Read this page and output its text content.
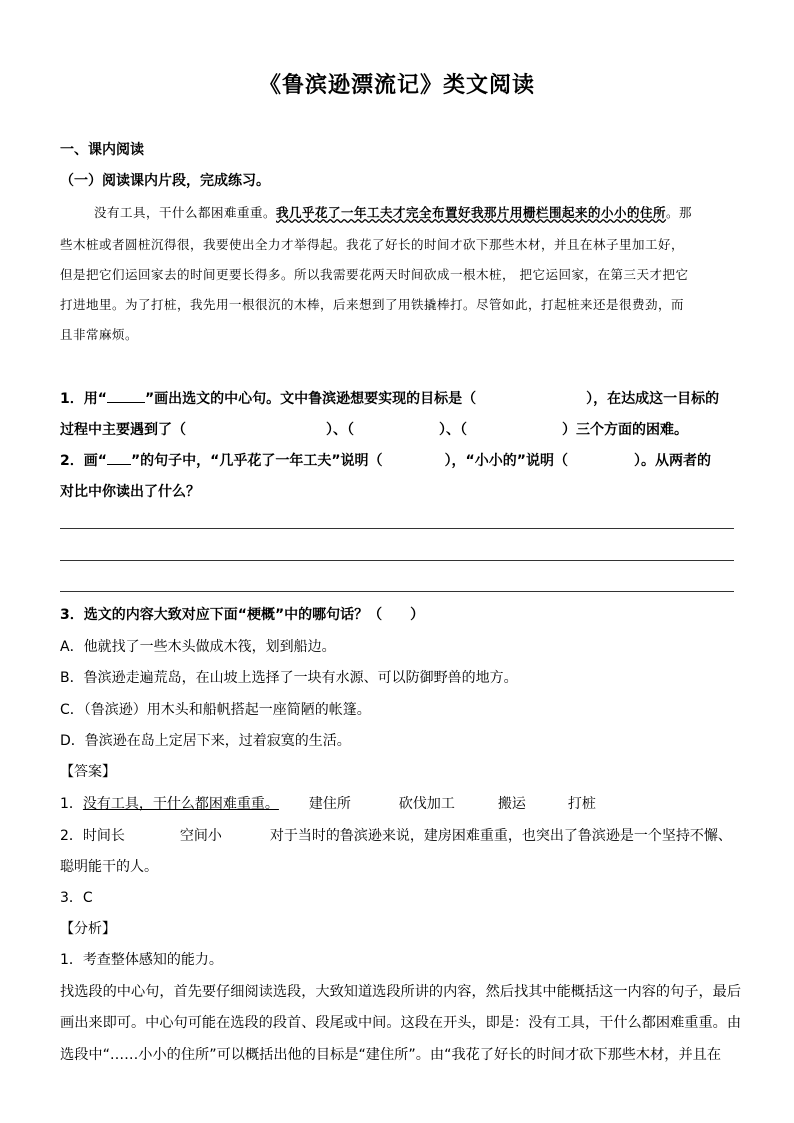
《鲁滨逊漂流记》类文阅读
一、课内阅读
（一）阅读课内片段，完成练习。
没有工具，干什么都困难重重。我几乎花了一年工夫才完全布置好我那片用栅栏围起来的小小的住所。那
些木桩或者圆桩沉得很，我要使出全力才举得起。我花了好长的时间才砍下那些木材，并且在林子里加工好，
但是把它们运回家去的时间更要长得多。所以我需要花两天时间砍成一根木桩， 把它运回家，在第三天才把它
打进地里。为了打桩，我先用一根很沉的木棒，后来想到了用铁撬棒打。尽管如此，打起桩来还是很费劲，而
且非常麻烦。
1．用“	”画出选文的中心句。文中鲁滨逊想要实现的目标是（	），在达成这一目标的
过程中主要遇到了（	）、（	）、（	）三个方面的困难。
2．画“ ”的句子中，“几乎花了一年工夫”说明（	），“小小的”说明（	）。从两者的
对比中你读出了什么？
3．选文的内容大致对应下面“梗概”中的哪句话？（　　）
A．他就找了一些木头做成木筏，划到船边。
B．鲁滨逊走遍荒岛，在山坡上选择了一块有水源、可以防御野兽的地方。
C．（鲁滨逊）用木头和船帆搭起一座简陋的帐篷。
D．鲁滨逊在岛上定居下来，过着寂寞的生活。
【答案】
1．没有工具，干什么都困难重重。 建住所	砍伐加工	搬运	打桩
2．时间长	空间小	对于当时的鲁滨逊来说，建房困难重重，也突出了鲁滨逊是一个坚持不懈、
聪明能干的人。
3．C
【分析】
1．考查整体感知的能力。
找选段的中心句，首先要仔细阅读选段，大致知道选段所讲的内容，然后找其中能概括这一内容的句子，最后
画出来即可。中心句可能在选段的段首、段尾或中间。这段在开头，即是：没有工具，干什么都困难重重。由
选段中“……小小的住所”可以概括出他的目标是“建住所”。由“我花了好长的时间才砍下那些木材，并且在
